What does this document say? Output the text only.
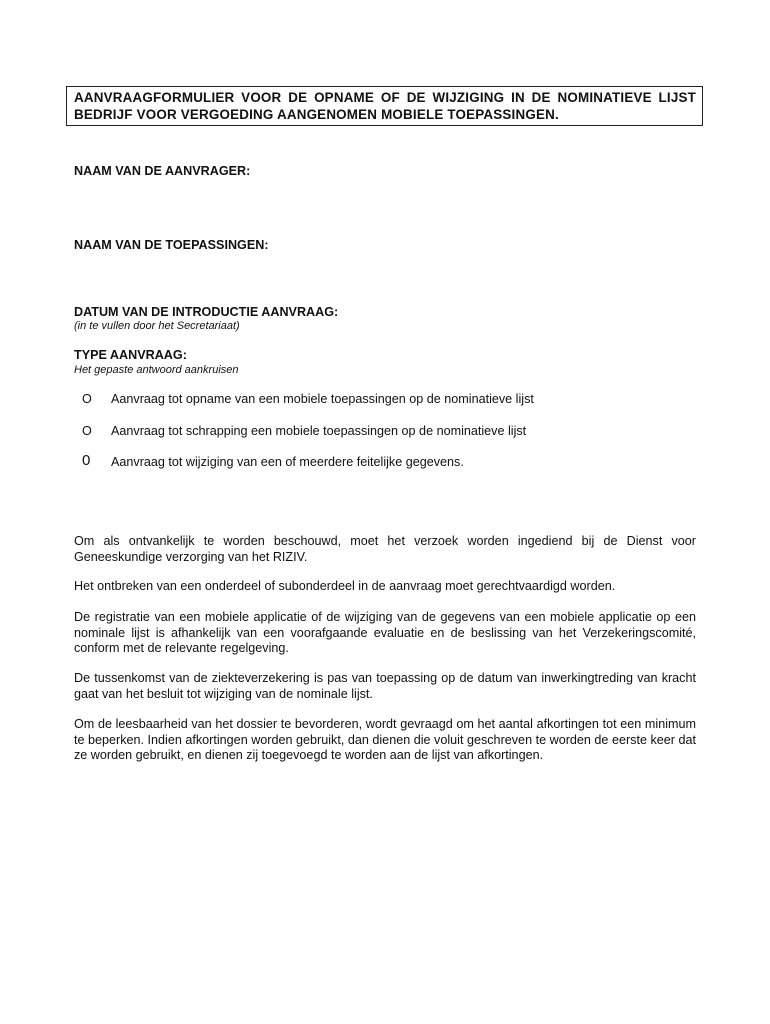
AANVRAAGFORMULIER VOOR DE OPNAME OF DE WIJZIGING IN DE NOMINATIEVE LIJST BEDRIJF VOOR VERGOEDING AANGENOMEN MOBIELE TOEPASSINGEN.
NAAM VAN DE AANVRAGER:
NAAM VAN DE TOEPASSINGEN:
DATUM VAN DE INTRODUCTIE AANVRAAG:
(in te vullen door het Secretariaat)
TYPE AANVRAAG:
Het gepaste antwoord aankruisen
O	Aanvraag tot opname van een mobiele toepassingen op de nominatieve lijst
O	Aanvraag tot schrapping een mobiele toepassingen op de nominatieve lijst
0	Aanvraag tot wijziging van een of meerdere feitelijke gegevens.
Om als ontvankelijk te worden beschouwd, moet het verzoek worden ingediend bij de Dienst voor Geneeskundige verzorging van het RIZIV.
Het ontbreken van een onderdeel of subonderdeel in de aanvraag moet gerechtvaardigd worden.
De registratie van een mobiele applicatie of de wijziging van de gegevens van een mobiele applicatie op een nominale lijst is afhankelijk van een voorafgaande evaluatie en de beslissing van het Verzekeringscomité, conform met de relevante regelgeving.
De tussenkomst van de ziekteverzekering is pas van toepassing op de datum van inwerkingtreding van kracht gaat van het besluit tot wijziging van de nominale lijst.
Om de leesbaarheid van het dossier te bevorderen, wordt gevraagd om het aantal afkortingen tot een minimum te beperken. Indien afkortingen worden gebruikt, dan dienen die voluit geschreven te worden de eerste keer dat ze worden gebruikt, en dienen zij toegevoegd te worden aan de lijst van afkortingen.
